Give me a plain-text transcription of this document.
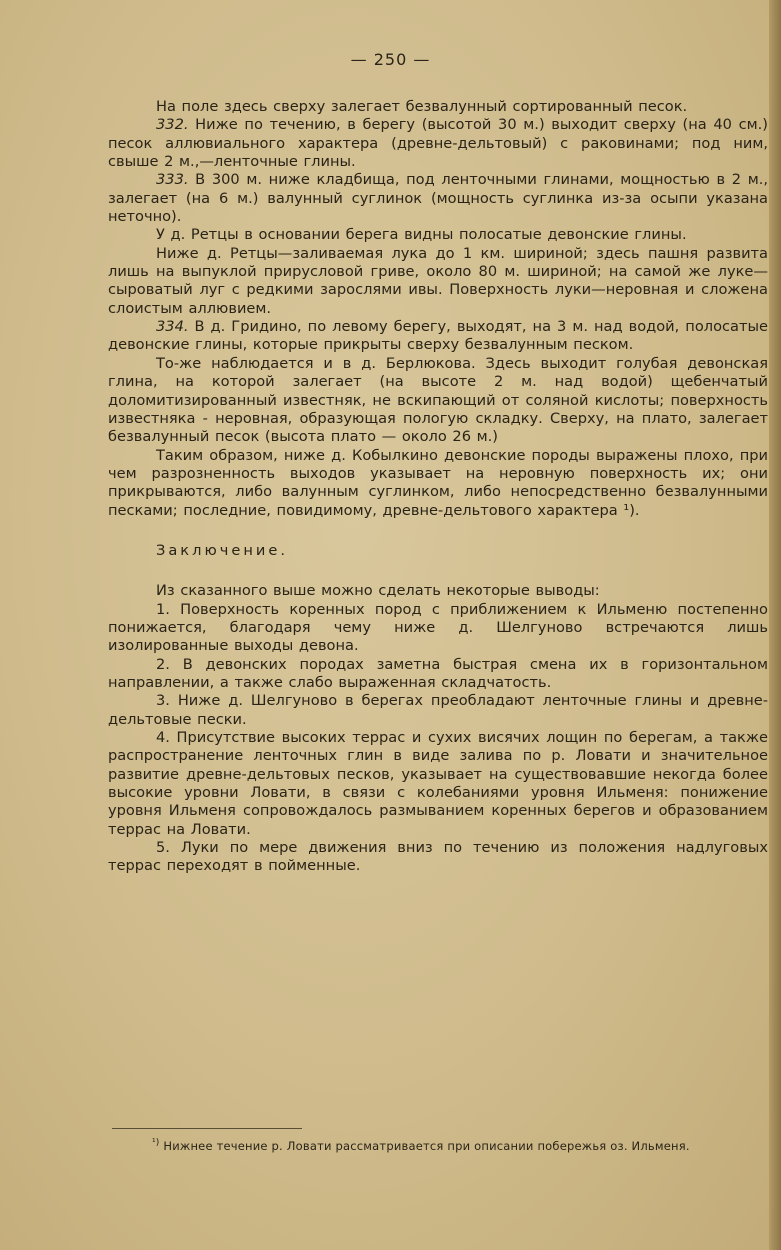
— 250 —

На поле здесь сверху залегает безвалунный сортированный песок.

332. Ниже по течению, в берегу (высотой 30 м.) выходит сверху (на 40 см.) песок аллювиального характера (древне-дельтовый) с раковинами; под ним, свыше 2 м.,—ленточные глины.

333. В 300 м. ниже кладбища, под ленточными глинами, мощностью в 2 м., залегает (на 6 м.) валунный суглинок (мощность суглинка из-за осыпи указана неточно).

У д. Ретцы в основании берега видны полосатые девонские глины.

Ниже д. Ретцы—заливаемая лука до 1 км. шириной; здесь пашня развита лишь на выпуклой прирусловой гриве, около 80 м. шириной; на самой же луке—сыроватый луг с редкими зарослями ивы. Поверхность луки—неровная и сложена слоистым аллювием.

334. В д. Гридино, по левому берегу, выходят, на 3 м. над водой, полосатые девонские глины, которые прикрыты сверху безвалунным песком.

То-же наблюдается и в д. Берлюкова. Здесь выходит голубая девонская глина, на которой залегает (на высоте 2 м. над водой) щебенчатый доломитизированный известняк, не вскипающий от соляной кислоты; поверхность известняка - неровная, образующая пологую складку. Сверху, на плато, залегает безвалунный песок (высота плато — около 26 м.)

Таким образом, ниже д. Кобылкино девонские породы выражены плохо, при чем разрозненность выходов указывает на неровную поверхность их; они прикрываются, либо валунным суглинком, либо непосредственно безвалунными песками; последние, повидимому, древне-дельтового характера ¹).

Заключение.

Из сказанного выше можно сделать некоторые выводы:

1. Поверхность коренных пород с приближением к Ильменю постепенно понижается, благодаря чему ниже д. Шелгуново встречаются лишь изолированные выходы девона.

2. В девонских породах заметна быстрая смена их в горизонтальном направлении, а также слабо выраженная складчатость.

3. Ниже д. Шелгуново в берегах преобладают ленточные глины и древне-дельтовые пески.

4. Присутствие высоких террас и сухих висячих лощин по берегам, а также распространение ленточных глин в виде залива по р. Ловати и значительное развитие древне-дельтовых песков, указывает на существовавшие некогда более высокие уровни Ловати, в связи с колебаниями уровня Ильменя: понижение уровня Ильменя сопровождалось размыванием коренных берегов и образованием террас на Ловати.

5. Луки по мере движения вниз по течению из положения надлуговых террас переходят в пойменные.

$^{^1)}$ Нижнее течение р. Ловати рассматривается при описании побережья оз. Ильменя.
